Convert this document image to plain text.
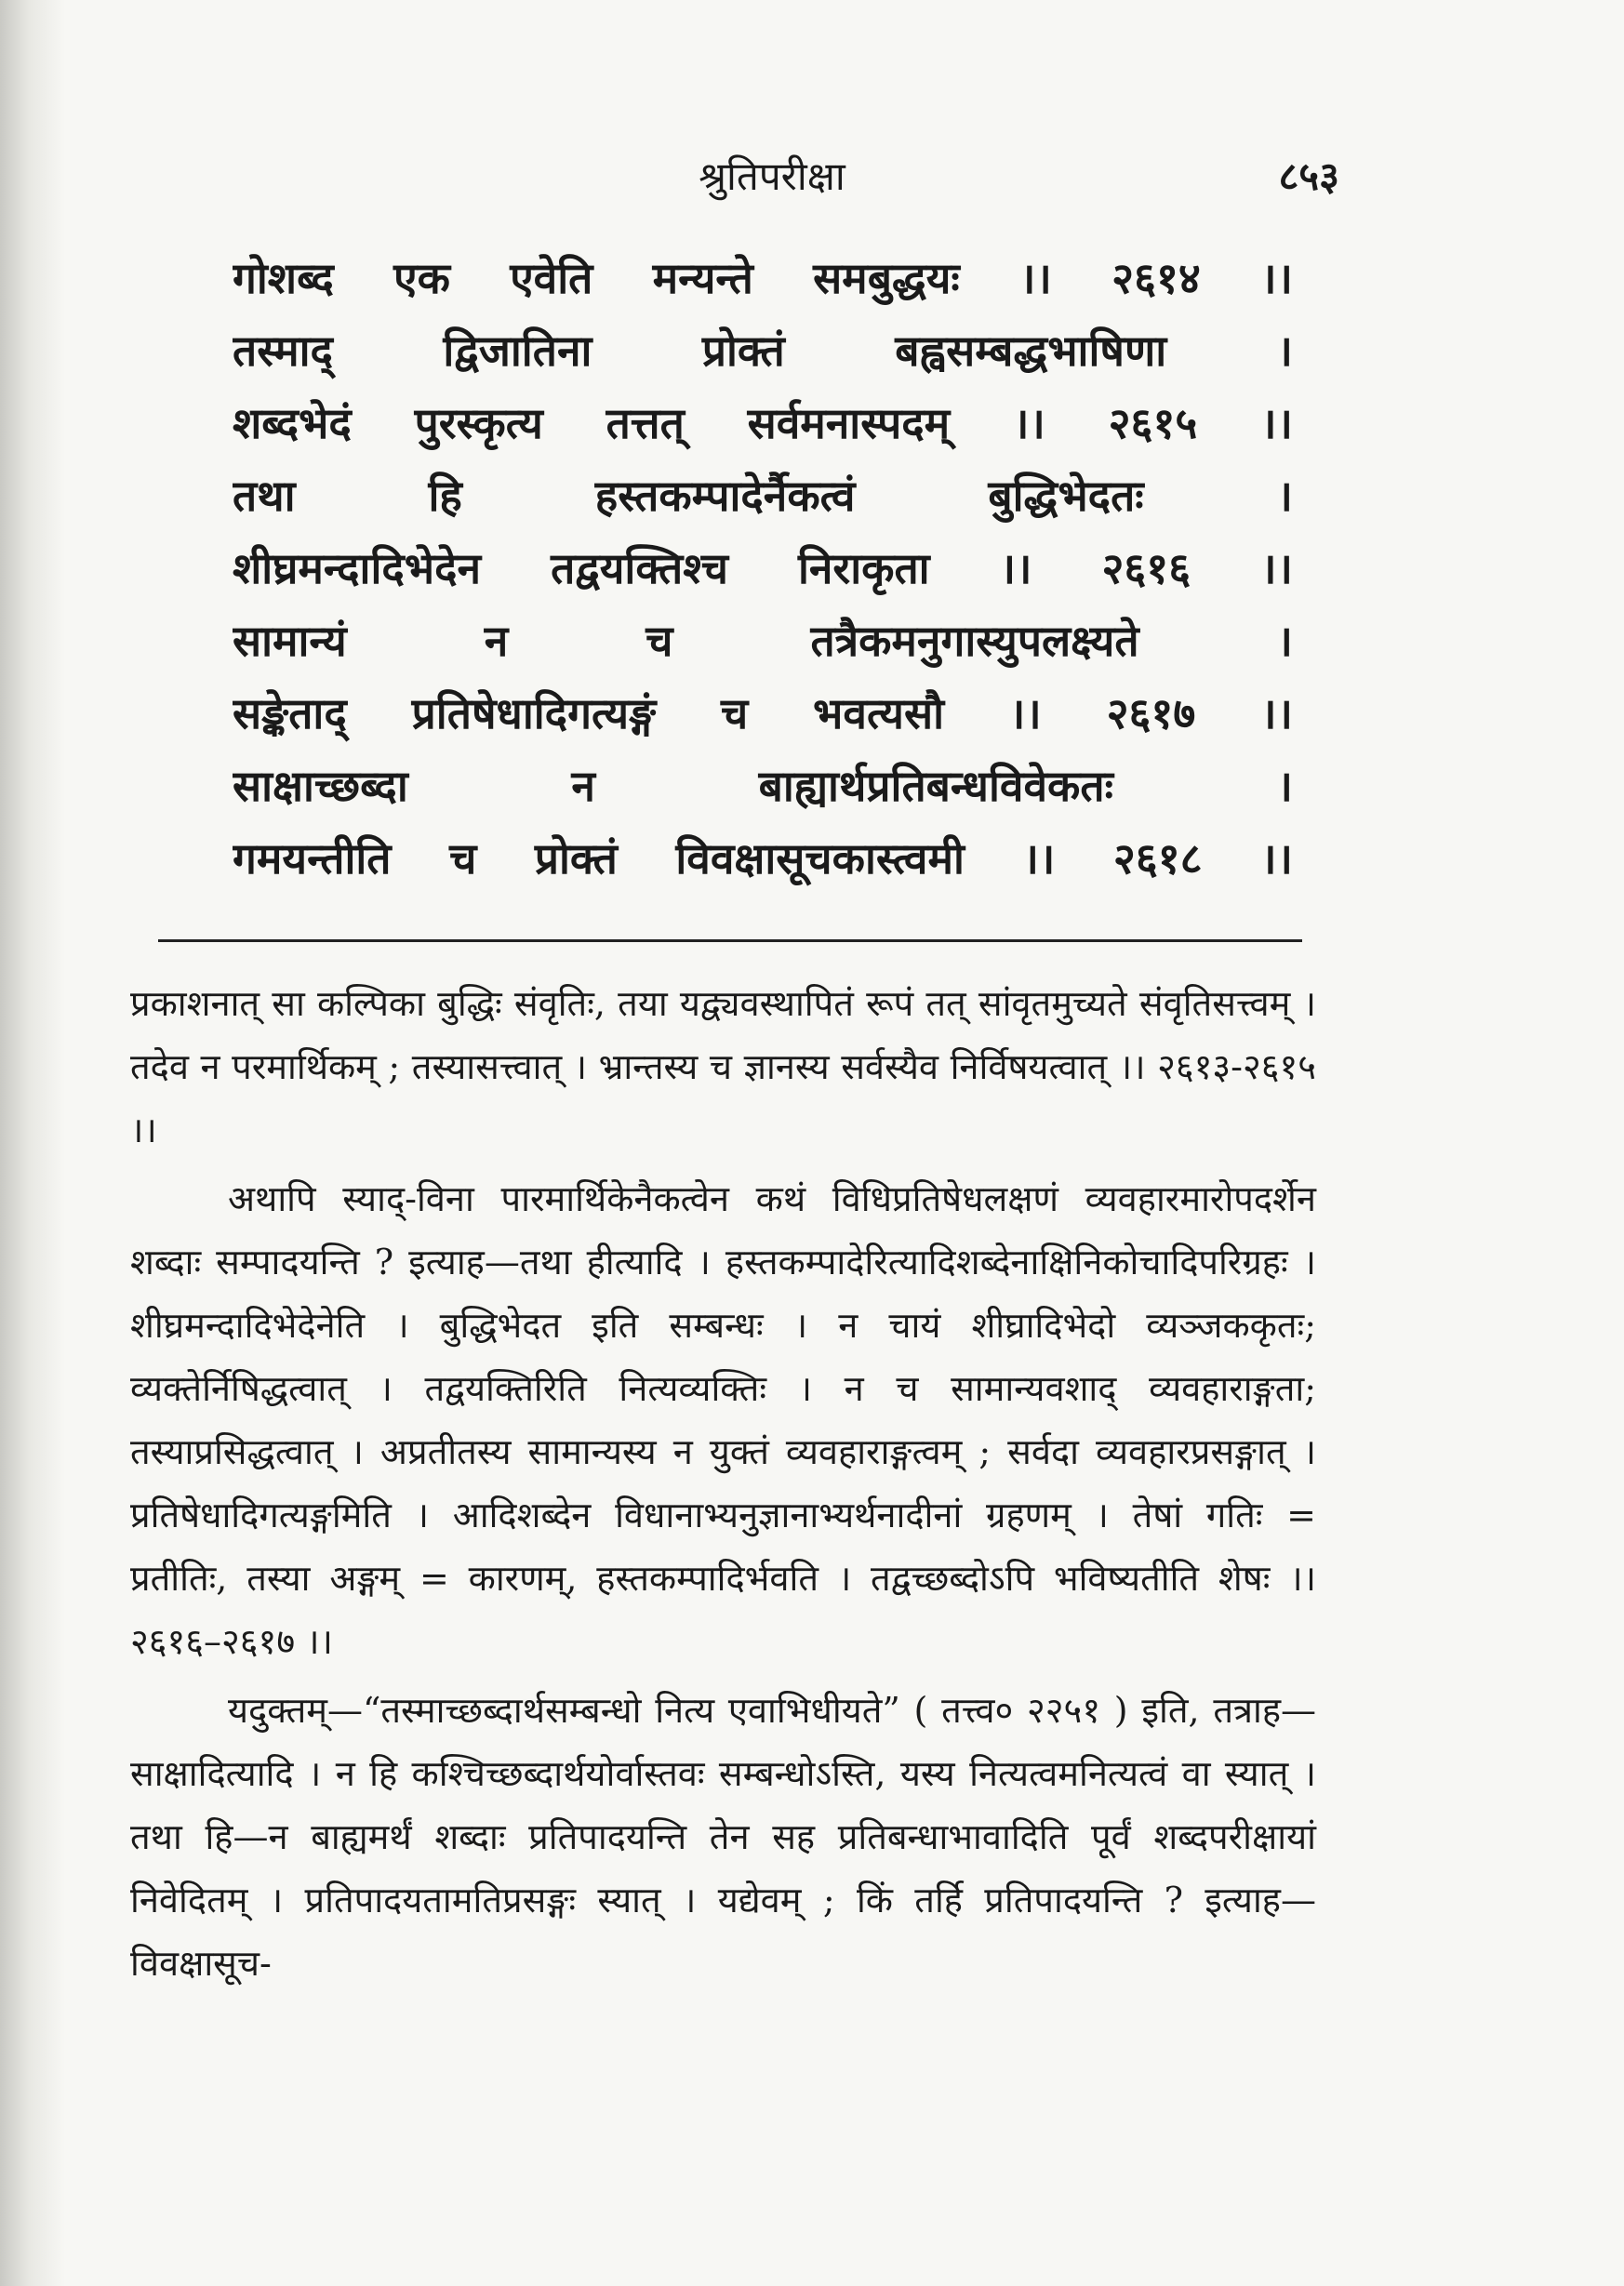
श्रुतिपरीक्षा	८५३
गोशब्द एक एवेति मन्यन्ते समबुद्धयः ।। २६१४ ।।
तस्माद् द्विजातिना प्रोक्तं बह्वसम्बद्धभाषिणा ।
शब्दभेदं पुरस्कृत्य तत्तत् सर्वमनास्पदम् ।। २६१५ ।।
तथा हि हस्तकम्पादेर्नैकत्वं बुद्धिभेदतः ।
शीघ्रमन्दादिभेदेन तद्वयक्तिश्च निराकृता ।। २६१६ ।।
सामान्यं न च तत्रैकमनुगास्युपलक्ष्यते ।
सङ्केताद् प्रतिषेधादिगत्यङ्गं च भवत्यसौ ।। २६१७ ।।
साक्षाच्छब्दा न बाह्यार्थप्रतिबन्धविवेकतः ।
गमयन्तीति च प्रोक्तं विवक्षासूचकास्त्वमी ।। २६१८ ।।

प्रकाशनात् सा कल्पिका बुद्धिः संवृतिः, तया यद्व्यवस्थापितं रूपं तत् सांवृतमुच्यते संवृतिसत्त्वम् । तदेव न परमार्थिकम् ; तस्यासत्त्वात् । भ्रान्तस्य च ज्ञानस्य सर्वस्यैव निर्विषयत्वात् ।। २६१३-२६१५ ।।

अथापि स्याद्-विना पारमार्थिकेनैकत्वेन कथं विधिप्रतिषेधलक्षणं व्यवहारमारोपदर्शेन शब्दाः सम्पादयन्ति ? इत्याह—तथा हीत्यादि । हस्तकम्पादेरित्यादिशब्देनाक्षिनिकोचादिपरिग्रहः । शीघ्रमन्दादिभेदेनेति । बुद्धिभेदत इति सम्बन्धः । न चायं शीघ्रादिभेदो व्यञ्जककृतः; व्यक्तेर्निषिद्धत्वात् । तद्वयक्तिरिति नित्यव्यक्तिः । न च सामान्यवशाद् व्यवहाराङ्गता; तस्याप्रसिद्धत्वात् । अप्रतीतस्य सामान्यस्य न युक्तं व्यवहाराङ्गत्वम् ; सर्वदा व्यवहारप्रसङ्गात् । प्रतिषेधादिगत्यङ्गमिति । आदिशब्देन विधानाभ्यनुज्ञानाभ्यर्थनादीनां ग्रहणम् । तेषां गतिः = प्रतीतिः, तस्या अङ्गम् = कारणम्, हस्तकम्पादिर्भवति । तद्वच्छब्दोऽपि भविष्यतीति शेषः ।। २६१६–२६१७ ।।

यदुक्तम्—“तस्माच्छब्दार्थसम्बन्धो नित्य एवाभिधीयते” ( तत्त्व० २२५१ ) इति, तत्राह—साक्षादित्यादि । न हि कश्चिच्छब्दार्थयोर्वास्तवः सम्बन्धोऽस्ति, यस्य नित्यत्वमनित्यत्वं वा स्यात् । तथा हि—न बाह्यमर्थं शब्दाः प्रतिपादयन्ति तेन सह प्रतिबन्धाभावादिति पूर्वं शब्दपरीक्षायां निवेदितम् । प्रतिपादयतामतिप्रसङ्गः स्यात् । यद्येवम् ; किं तर्हि प्रतिपादयन्ति ? इत्याह—विवक्षासूच-
